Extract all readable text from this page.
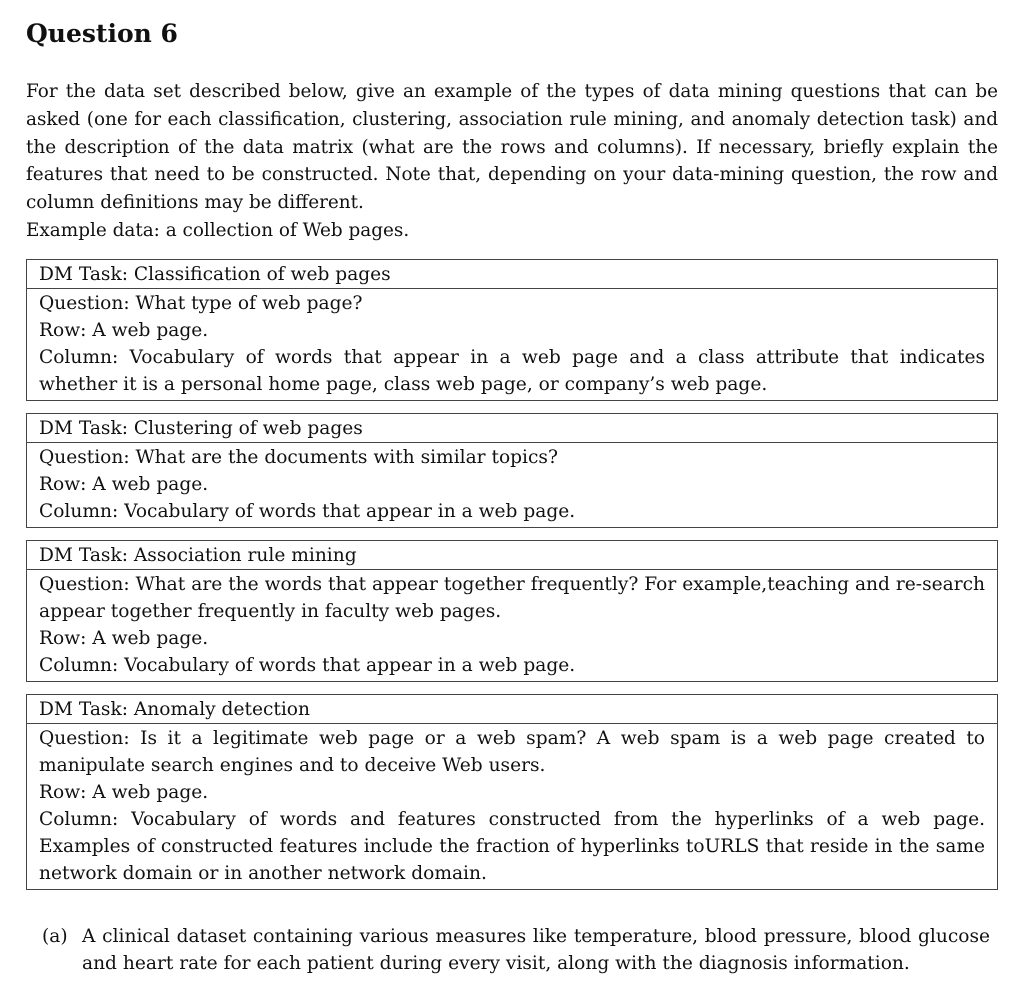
Question 6

For the data set described below, give an example of the types of data mining questions that can be asked (one for each classification, clustering, association rule mining, and anomaly detection task) and the description of the data matrix (what are the rows and columns). If necessary, briefly explain the features that need to be constructed. Note that, depending on your data-mining question, the row and column definitions may be different.

Example data: a collection of Web pages.

DM Task: Classification of web pages
Question: What type of web page?
Row: A web page.
Column: Vocabulary of words that appear in a web page and a class attribute that indicates whether it is a personal home page, class web page, or company’s web page.
DM Task: Clustering of web pages
Question: What are the documents with similar topics?
Row: A web page.
Column: Vocabulary of words that appear in a web page.
DM Task: Association rule mining
Question: What are the words that appear together frequently? For example,teaching and re-search appear together frequently in faculty web pages.
Row: A web page.
Column: Vocabulary of words that appear in a web page.
DM Task: Anomaly detection
Question: Is it a legitimate web page or a web spam? A web spam is a web page created to manipulate search engines and to deceive Web users.
Row: A web page.
Column: Vocabulary of words and features constructed from the hyperlinks of a web page. Examples of constructed features include the fraction of hyperlinks toURLS that reside in the same network domain or in another network domain.
(a) A clinical dataset containing various measures like temperature, blood pressure, blood glucose and heart rate for each patient during every visit, along with the diagnosis information.
